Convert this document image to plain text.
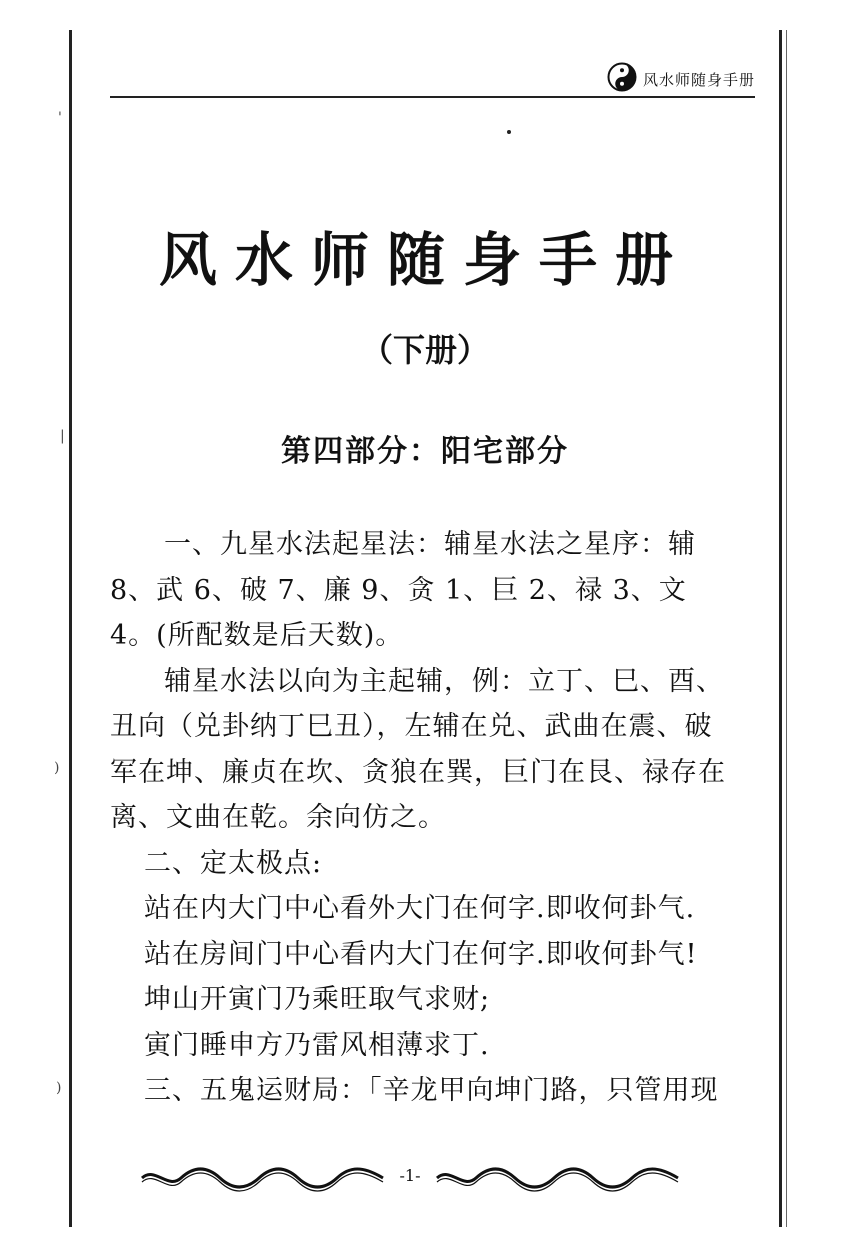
'
|
)
)
风水师随身手册
风水师随身手册
（下册）
第四部分：阳宅部分

一、九星水法起星法：辅星水法之星序：辅 8、武 6、破 7、廉 9、贪 1、巨 2、禄 3、文 4。(所配数是后天数)。

辅星水法以向为主起辅，例：立丁、巳、酉、丑向（兑卦纳丁巳丑），左辅在兑、武曲在震、破军在坤、廉贞在坎、贪狼在巽，巨门在艮、禄存在离、文曲在乾。余向仿之。

二、定太极点:

站在内大门中心看外大门在何字.即收何卦气.

站在房间门中心看内大门在何字.即收何卦气!

坤山开寅门乃乘旺取气求财;

寅门睡申方乃雷风相薄求丁.

三、五鬼运财局：「辛龙甲向坤门路，只管用现

-1-
